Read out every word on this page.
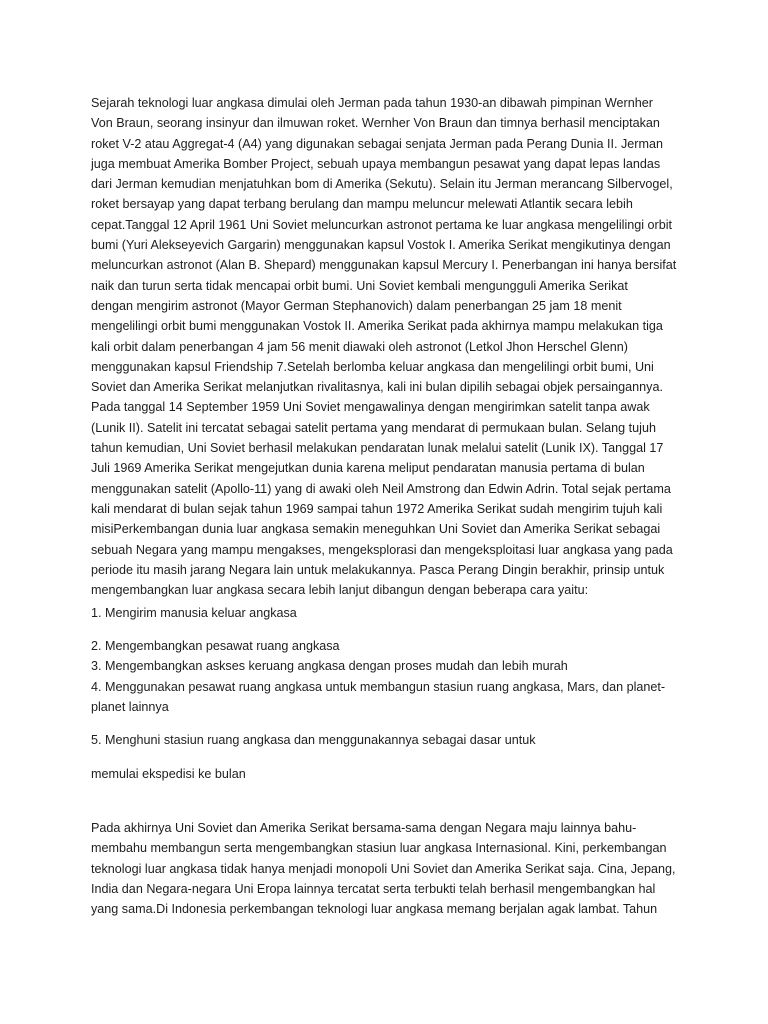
Sejarah teknologi luar angkasa dimulai oleh Jerman pada tahun 1930-an dibawah pimpinan Wernher
Von Braun, seorang insinyur dan ilmuwan roket. Wernher Von Braun dan timnya berhasil menciptakan
roket V-2 atau Aggregat-4 (A4) yang digunakan sebagai senjata Jerman pada Perang Dunia II. Jerman
juga membuat Amerika Bomber Project, sebuah upaya membangun pesawat yang dapat lepas landas
dari Jerman kemudian menjatuhkan bom di Amerika (Sekutu). Selain itu Jerman merancang Silbervogel,
roket bersayap yang dapat terbang berulang dan mampu meluncur melewati Atlantik secara lebih
cepat.Tanggal 12 April 1961 Uni Soviet meluncurkan astronot pertama ke luar angkasa mengelilingi orbit
bumi (Yuri Alekseyevich Gargarin) menggunakan kapsul Vostok I. Amerika Serikat mengikutinya dengan
meluncurkan astronot (Alan B. Shepard) menggunakan kapsul Mercury I. Penerbangan ini hanya bersifat
naik dan turun serta tidak mencapai orbit bumi. Uni Soviet kembali mengungguli Amerika Serikat
dengan mengirim astronot (Mayor German Stephanovich) dalam penerbangan 25 jam 18 menit
mengelilingi orbit bumi menggunakan Vostok II. Amerika Serikat pada akhirnya mampu melakukan tiga
kali orbit dalam penerbangan 4 jam 56 menit diawaki oleh astronot (Letkol Jhon Herschel Glenn)
menggunakan kapsul Friendship 7.Setelah berlomba keluar angkasa dan mengelilingi orbit bumi, Uni
Soviet dan Amerika Serikat melanjutkan rivalitasnya, kali ini bulan dipilih sebagai objek persaingannya.
Pada tanggal 14 September 1959 Uni Soviet mengawalinya dengan mengirimkan satelit tanpa awak
(Lunik II). Satelit ini tercatat sebagai satelit pertama yang mendarat di permukaan bulan. Selang tujuh
tahun kemudian, Uni Soviet berhasil melakukan pendaratan lunak melalui satelit (Lunik IX). Tanggal 17
Juli 1969 Amerika Serikat mengejutkan dunia karena meliput pendaratan manusia pertama di bulan
menggunakan satelit (Apollo-11) yang di awaki oleh Neil Amstrong dan Edwin Adrin. Total sejak pertama
kali mendarat di bulan sejak tahun 1969 sampai tahun 1972 Amerika Serikat sudah mengirim tujuh kali
misiPerkembangan dunia luar angkasa semakin meneguhkan Uni Soviet dan Amerika Serikat sebagai
sebuah Negara yang mampu mengakses, mengeksplorasi dan mengeksploitasi luar angkasa yang pada
periode itu masih jarang Negara lain untuk melakukannya. Pasca Perang Dingin berakhir, prinsip untuk
mengembangkan luar angkasa secara lebih lanjut dibangun dengan beberapa cara yaitu:
1. Mengirim manusia keluar angkasa
2. Mengembangkan pesawat ruang angkasa
3. Mengembangkan askses keruang angkasa dengan proses mudah dan lebih murah
4. Menggunakan pesawat ruang angkasa untuk membangun stasiun ruang angkasa, Mars, dan planet-
planet lainnya
5. Menghuni stasiun ruang angkasa dan menggunakannya sebagai dasar untuk
memulai ekspedisi ke bulan
Pada akhirnya Uni Soviet dan Amerika Serikat bersama-sama dengan Negara maju lainnya bahu-
membahu membangun serta mengembangkan stasiun luar angkasa Internasional. Kini, perkembangan
teknologi luar angkasa tidak hanya menjadi monopoli Uni Soviet dan Amerika Serikat saja. Cina, Jepang,
India dan Negara-negara Uni Eropa lainnya tercatat serta terbukti telah berhasil mengembangkan hal
yang sama.Di Indonesia perkembangan teknologi luar angkasa memang berjalan agak lambat. Tahun
